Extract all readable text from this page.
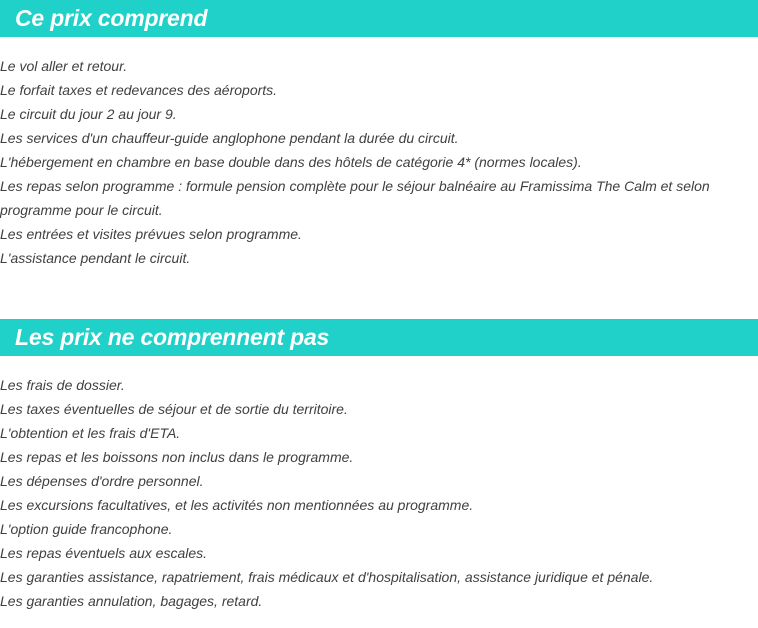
Ce prix comprend
Le vol aller et retour.
Le forfait taxes et redevances des aéroports.
Le circuit du jour 2 au jour 9.
Les services d'un chauffeur-guide anglophone pendant la durée du circuit.
L'hébergement en chambre en base double dans des hôtels de catégorie 4* (normes locales).
Les repas selon programme : formule pension complète pour le séjour balnéaire au Framissima The Calm et selon
programme pour le circuit.
Les entrées et visites prévues selon programme.
L'assistance pendant le circuit.
Les prix ne comprennent pas
Les frais de dossier.
Les taxes éventuelles de séjour et de sortie du territoire.
L'obtention et les frais d'ETA.
Les repas et les boissons non inclus dans le programme.
Les dépenses d'ordre personnel.
Les excursions facultatives, et les activités non mentionnées au programme.
L'option guide francophone.
Les repas éventuels aux escales.
Les garanties assistance, rapatriement, frais médicaux et d'hospitalisation, assistance juridique et pénale.
Les garanties annulation, bagages, retard.
